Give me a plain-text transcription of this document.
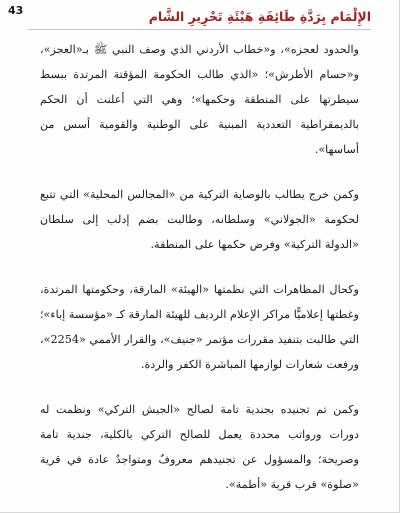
الإِلْمَام بِرَدَّةِ طَائِفَةِ هَيْئَةِ تَحْرِيرِ الشَّام
43

والحدود لعجزه»، و«خطاب الأردني الذي وصف النبي ﷺ بـ«العجز»، و«حسام الأطرش»؛ «الذي طالب الحكومة المؤقتة المرتدة ببسط سيطرتها على المنطقة وحكمها»؛ وهي التي أعلنت أن الحكم بالديمقراطية التعددية المبنية على الوطنية والقومية أسس من أساسها».

وكمن خرج يطالب بالوصاية التركية من «المجالس المحلية» التي تتبع لحكومة «الجولاني» وسلطانه، وطالبت بضم إدلب إلى سلطان «الدولة التركية» وفرض حكمها على المنطقة.

وكحال المظاهرات التي نظمتها «الهيئة» المارقة، وحكومتها المرتدة، وغطتها إعلاميًّا مراكز الإعلام الرديف للهيئة المارقة كـ «مؤسسة إباء»؛ التي طالبت بتنفيذ مقررات مؤتمر «جنيف»، والقرار الأممي «2254»، ورفعت شعارات لوازمها المباشرة الكفر والردة.

وكمن تم تجنيده بجندية تامة لصالح «الجيش التركي» ونظمت له دورات ورواتب محددة يعمل للصالح التركي بالكلية، جندية تامة وصريحة؛ والمسؤول عن تجنيدهم معروفٌ ومتواجدٌ عادة في قرية «صلوة» قرب قرية «أطمة».
